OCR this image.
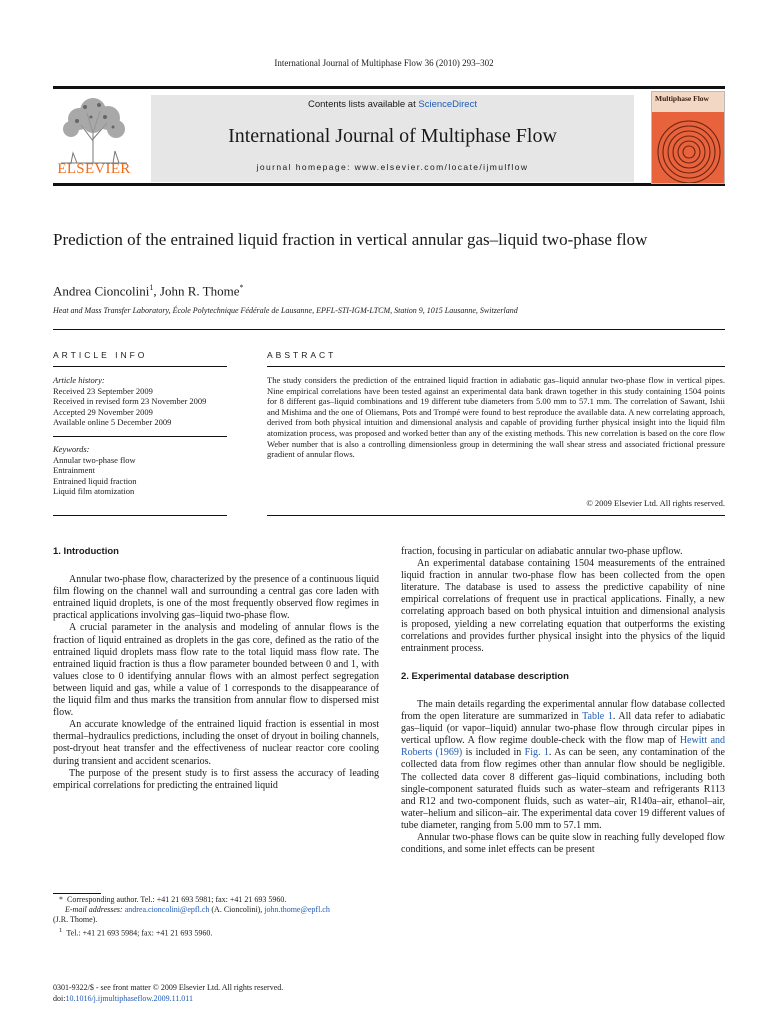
International Journal of Multiphase Flow 36 (2010) 293–302
ELSEVIER
Contents lists available at ScienceDirect
International Journal of Multiphase Flow
journal homepage: www.elsevier.com/locate/ijmulflow
Multiphase Flow
Prediction of the entrained liquid fraction in vertical annular gas–liquid two-phase flow
Andrea Cioncolini$^1$, John R. Thome*
Heat and Mass Transfer Laboratory, École Polytechnique Fédérale de Lausanne, EPFL-STI-IGM-LTCM, Station 9, 1015 Lausanne, Switzerland
ARTICLE INFO
Article history:
Received 23 September 2009
Received in revised form 23 November 2009
Accepted 29 November 2009
Available online 5 December 2009
Keywords:
Annular two-phase flow
Entrainment
Entrained liquid fraction
Liquid film atomization
ABSTRACT
The study considers the prediction of the entrained liquid fraction in adiabatic gas–liquid annular two-phase flow in vertical pipes. Nine empirical correlations have been tested against an experimental data bank drawn together in this study containing 1504 points for 8 different gas–liquid combinations and 19 different tube diameters from 5.00 mm to 57.1 mm. The correlation of Sawant, Ishii and Mishima and the one of Oliemans, Pots and Trompé were found to best reproduce the available data. A new correlating approach, derived from both physical intuition and dimensional analysis and capable of providing further physical insight into the liquid film atomization process, was proposed and worked better than any of the existing methods. This new correlation is based on the core flow Weber number that is also a controlling dimensionless group in determining the wall shear stress and associated frictional pressure gradient of annular flows.
© 2009 Elsevier Ltd. All rights reserved.
1. Introduction

Annular two-phase flow, characterized by the presence of a continuous liquid film flowing on the channel wall and surrounding a central gas core laden with entrained liquid droplets, is one of the most frequently observed flow regimes in practical applications involving gas–liquid two-phase flow.

A crucial parameter in the analysis and modeling of annular flows is the fraction of liquid entrained as droplets in the gas core, defined as the ratio of the entrained liquid droplets mass flow rate to the total liquid mass flow rate. The entrained liquid fraction is thus a flow parameter bounded between 0 and 1, with values close to 0 identifying annular flows with an almost perfect segregation between liquid and gas, while a value of 1 corresponds to the disappearance of the liquid film and thus marks the transition from annular flow to dispersed mist flow.

An accurate knowledge of the entrained liquid fraction is essential in most thermal–hydraulics predictions, including the onset of dryout in boiling channels, post-dryout heat transfer and the effectiveness of nuclear reactor core cooling during transient and accident scenarios.

The purpose of the present study is to first assess the accuracy of leading empirical correlations for predicting the entrained liquid

fraction, focusing in particular on adiabatic annular two-phase upflow.

An experimental database containing 1504 measurements of the entrained liquid fraction in annular two-phase flow has been collected from the open literature. The database is used to assess the predictive capability of nine empirical correlations of frequent use in practical applications. Finally, a new correlating approach based on both physical intuition and dimensional analysis is proposed, yielding a new correlating equation that outperforms the existing correlations and provides further physical insight into the physics of the liquid entrainment process.

2. Experimental database description

The main details regarding the experimental annular flow database collected from the open literature are summarized in Table 1. All data refer to adiabatic gas–liquid (or vapor–liquid) annular two-phase flow through circular pipes in vertical upflow. A flow regime double-check with the flow map of Hewitt and Roberts (1969) is included in Fig. 1. As can be seen, any contamination of the collected data from flow regimes other than annular flow should be negligible. The collected data cover 8 different gas–liquid combinations, including both single-component saturated fluids such as water–steam and refrigerants R113 and R12 and two-component fluids, such as water–air, R140a–air, ethanol–air, water–helium and silicon–air. The experimental data cover 19 different values of tube diameter, ranging from 5.00 mm to 57.1 mm.

Annular two-phase flows can be quite slow in reaching fully developed flow conditions, and some inlet effects can be present

* Corresponding author. Tel.: +41 21 693 5981; fax: +41 21 693 5960.
E-mail addresses: andrea.cioncolini@epfl.ch (A. Cioncolini), john.thome@epfl.ch
(J.R. Thome).
$^1$ Tel.: +41 21 693 5984; fax: +41 21 693 5960.
0301-9322/$ - see front matter © 2009 Elsevier Ltd. All rights reserved.
doi:10.1016/j.ijmultiphaseflow.2009.11.011
